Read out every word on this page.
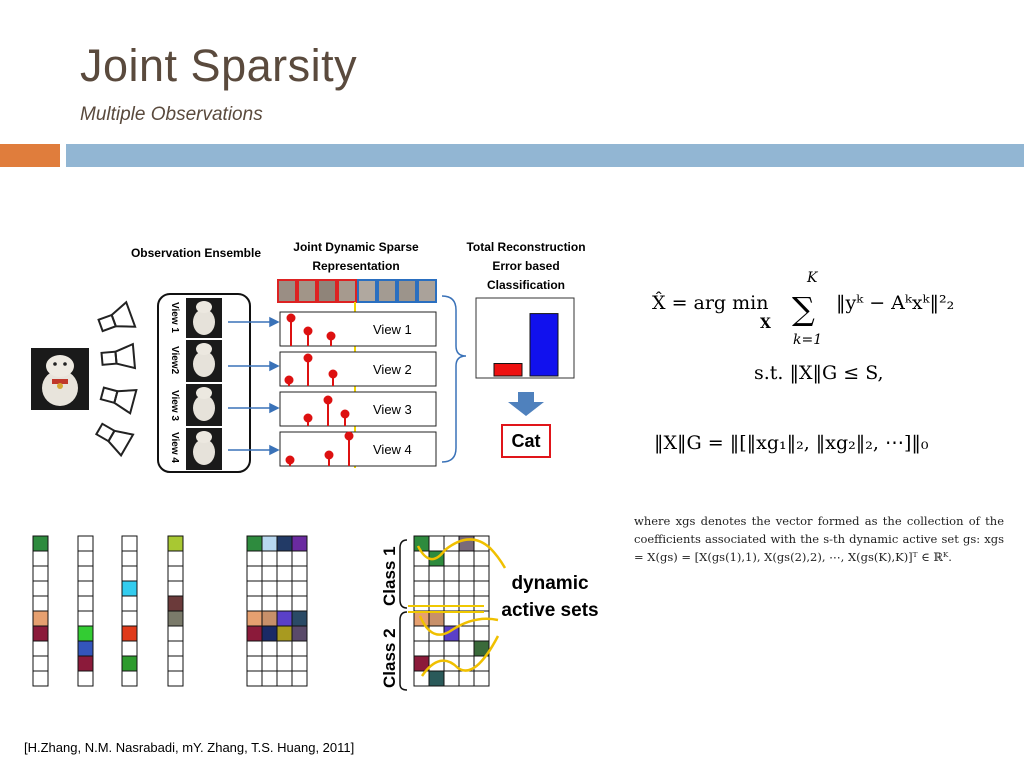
Joint Sparsity
Multiple Observations
Observation Ensemble	Joint Dynamic Sparse Representation
Total Reconstruction Error based Classification
View 1
View 2
View 3
View 4
View 1
View2
View 3
View 4	Cat
X̂ = arg min
X
K
∑
k=1
‖yᵏ − Aᵏxᵏ‖²₂
s.t. ‖X‖G ≤ S,
‖X‖G = ‖[‖xg₁‖₂, ‖xg₂‖₂, ⋯]‖₀
where xgs denotes the vector formed as the collection of the coefficients associated with the s-th dynamic active set gs: xgs = X(gs) = [X(gs(1),1), X(gs(2),2), ⋯, X(gs(K),K)]ᵀ ∈ ℝᴷ.
Class 1
Class 2
dynamic active sets
[H.Zhang, N.M. Nasrabadi, mY. Zhang, T.S. Huang, 2011]
